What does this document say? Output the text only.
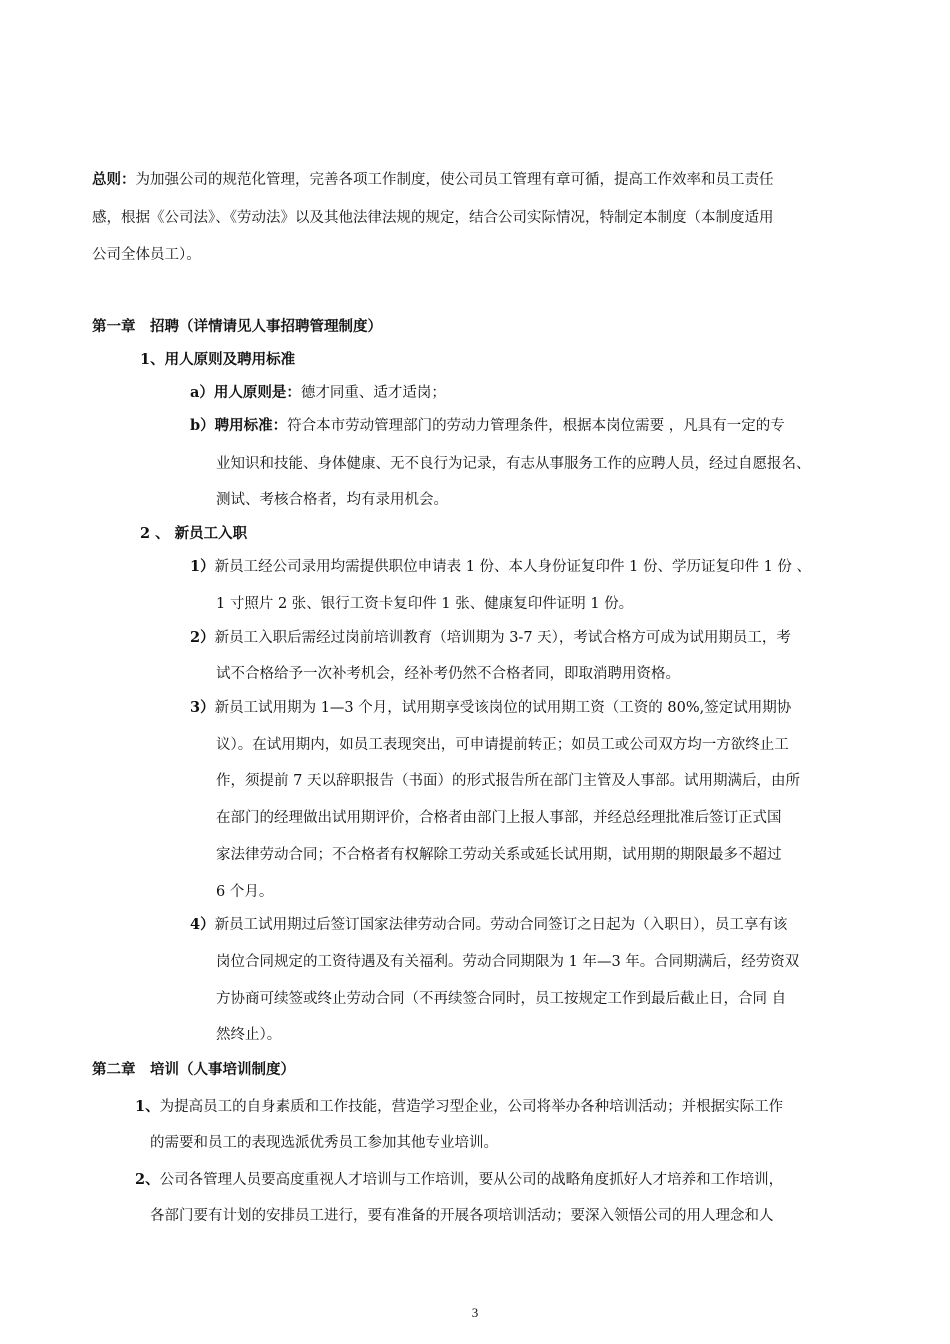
总则：为加强公司的规范化管理，完善各项工作制度，使公司员工管理有章可循，提高工作效率和员工责任
感，根据《公司法》、《劳动法》以及其他法律法规的规定，结合公司实际情况，特制定本制度（本制度适用
公司全体员工）。
第一章　招聘（详情请见人事招聘管理制度）
1、用人原则及聘用标准
a）用人原则是：德才同重、适才适岗；
b）聘用标准：符合本市劳动管理部门的劳动力管理条件，根据本岗位需要 ，凡具有一定的专
业知识和技能、身体健康、无不良行为记录，有志从事服务工作的应聘人员，经过自愿报名、
测试、考核合格者，均有录用机会。
2 、 新员工入职
1）新员工经公司录用均需提供职位申请表 1 份、本人身份证复印件 1 份、学历证复印件 1 份 、
1 寸照片 2 张、银行工资卡复印件 1 张、健康复印件证明 1 份。
2）新员工入职后需经过岗前培训教育（培训期为 3-7 天），考试合格方可成为试用期员工，考
试不合格给予一次补考机会，经补考仍然不合格者同，即取消聘用资格。
3）新员工试用期为 1—3 个月，试用期享受该岗位的试用期工资（工资的 80%,签定试用期协
议）。在试用期内，如员工表现突出，可申请提前转正；如员工或公司双方均一方欲终止工
作，须提前 7 天以辞职报告（书面）的形式报告所在部门主管及人事部。试用期满后，由所
在部门的经理做出试用期评价，合格者由部门上报人事部，并经总经理批准后签订正式国
家法律劳动合同；不合格者有权解除工劳动关系或延长试用期，试用期的期限最多不超过
6 个月。
4）新员工试用期过后签订国家法律劳动合同。劳动合同签订之日起为（入职日），员工享有该
岗位合同规定的工资待遇及有关福利。劳动合同期限为 1 年—3 年。合同期满后，经劳资双
方协商可续签或终止劳动合同（不再续签合同时，员工按规定工作到最后截止日，合同 自
然终止）。
第二章　培训（人事培训制度）
1、为提高员工的自身素质和工作技能，营造学习型企业，公司将举办各种培训活动；并根据实际工作
的需要和员工的表现选派优秀员工参加其他专业培训。
2、公司各管理人员要高度重视人才培训与工作培训，要从公司的战略角度抓好人才培养和工作培训，
各部门要有计划的安排员工进行，要有准备的开展各项培训活动；要深入领悟公司的用人理念和人
3
